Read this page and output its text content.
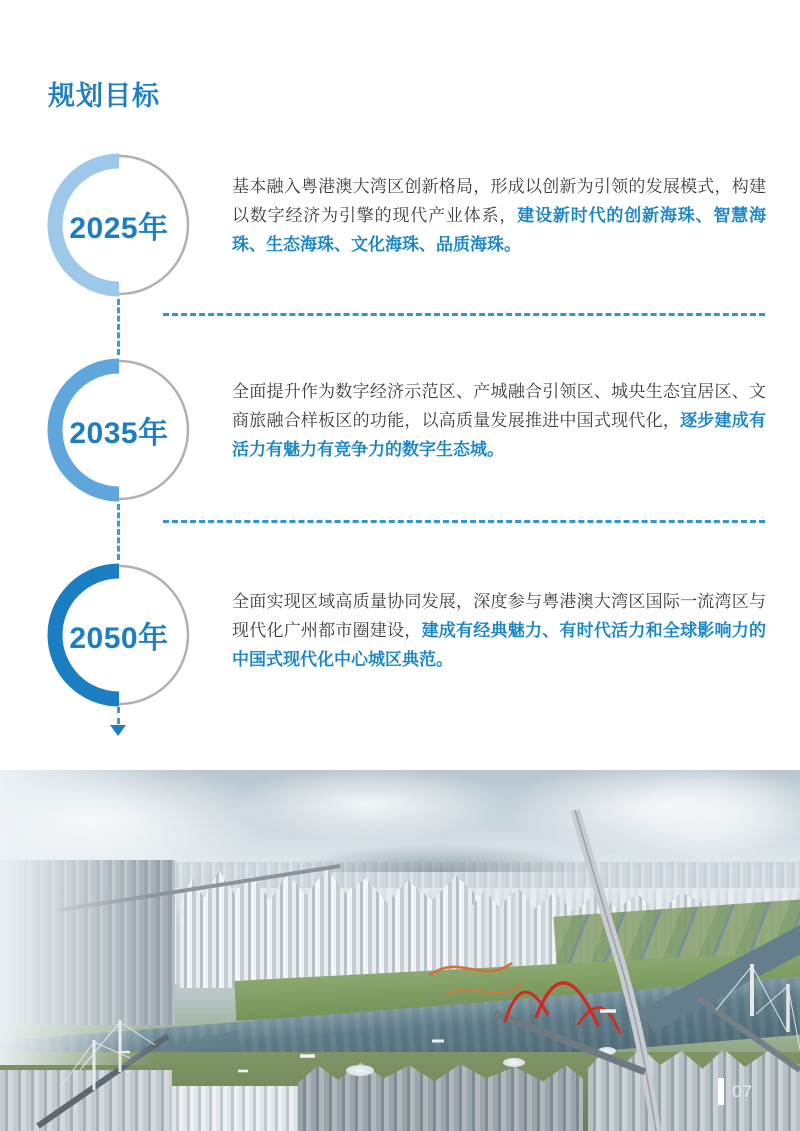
规划目标
2025年

基本融入粤港澳大湾区创新格局，形成以创新为引领的发展模式，构建以数字经济为引擎的现代产业体系，建设新时代的创新海珠、智慧海珠、生态海珠、文化海珠、品质海珠。

2035年

全面提升作为数字经济示范区、产城融合引领区、城央生态宜居区、文商旅融合样板区的功能，以高质量发展推进中国式现代化，逐步建成有活力有魅力有竞争力的数字生态城。

2050年

全面实现区域高质量协同发展，深度参与粤港澳大湾区国际一流湾区与现代化广州都市圈建设，建成有经典魅力、有时代活力和全球影响力的中国式现代化中心城区典范。

07
